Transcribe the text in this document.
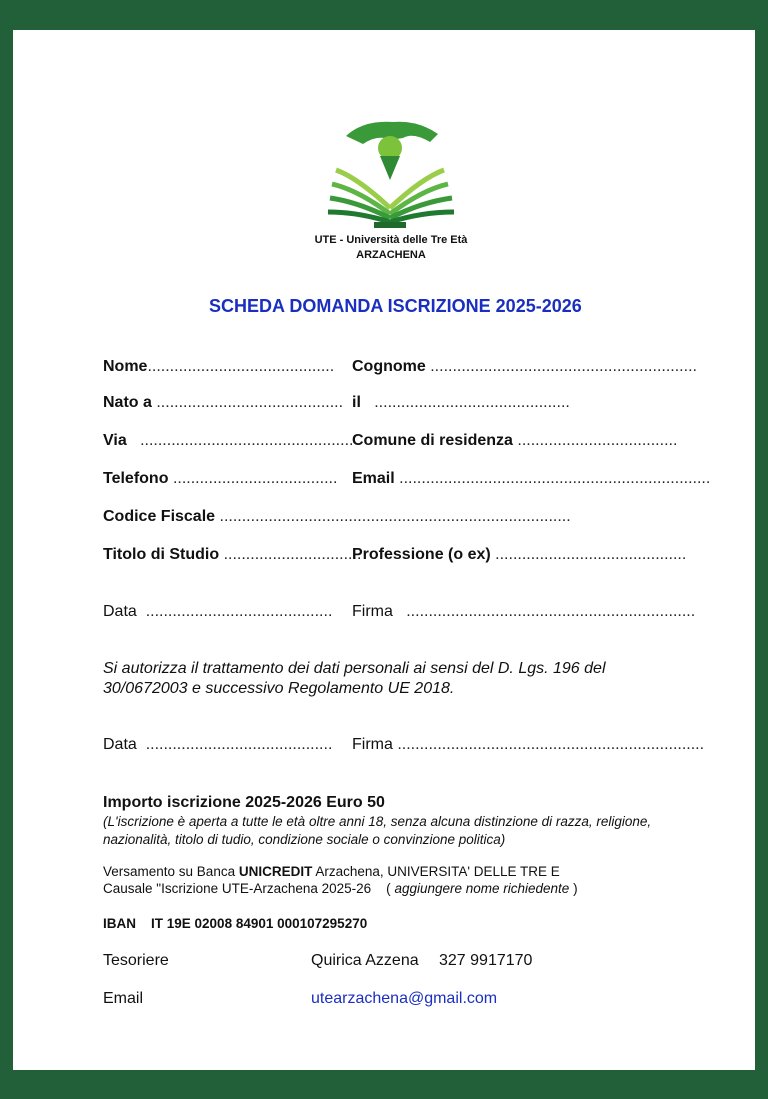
UTE - Università delle Tre Età
ARZACHENA
SCHEDA DOMANDA ISCRIZIONE 2025-2026
Nome.......................................... Cognome ............................................................
Nato a .......................................... il ............................................
Via ................................................
Comune di residenza ....................................
Telefono ..................................... Email ......................................................................
Codice Fiscale ...............................................................................
Titolo di Studio ...............................
Professione (o ex) ...........................................
Data .......................................... Firma .................................................................
Si autorizza il trattamento dei dati personali ai sensi del D. Lgs. 196 del
30/0672003 e successivo Regolamento UE 2018.
Data .......................................... Firma .....................................................................
Importo iscrizione 2025-2026 Euro 50
(L'iscrizione è aperta a tutte le età oltre anni 18, senza alcuna distinzione di razza, religione,
nazionalità, titolo di tudio, condizione sociale o convinzione politica)
Versamento su Banca UNICREDIT Arzachena, UNIVERSITA' DELLE TRE E
Causale "Iscrizione UTE-Arzachena 2025-26    ( aggiungere nome richiedente )
IBAN IT 19E 02008 84901 000107295270
Tesoriere	Quirica Azzena 327 9917170
Email	utearzachena@gmail.com
